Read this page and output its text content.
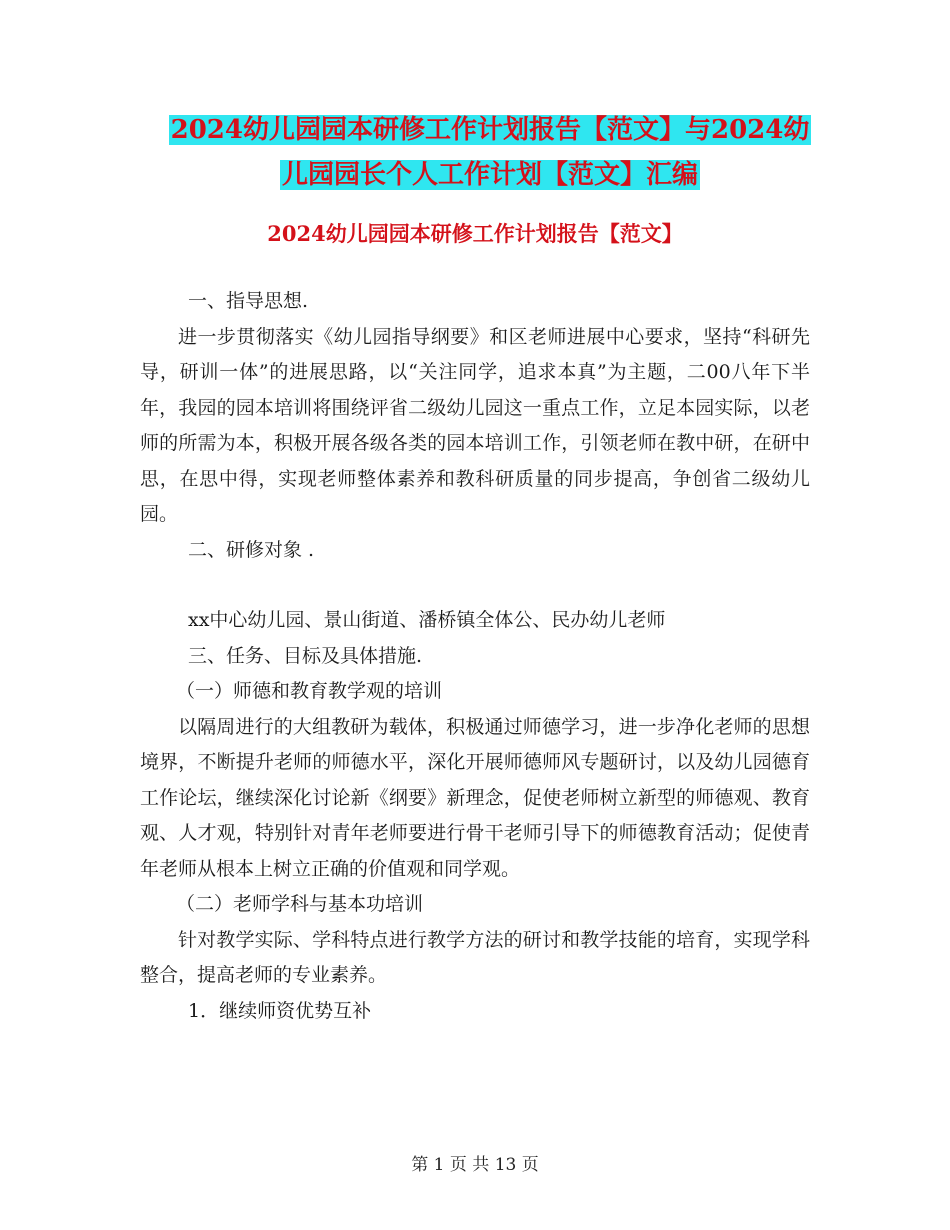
2024幼儿园园本研修工作计划报告【范文】与2024幼
儿园园长个人工作计划【范文】汇编
2024幼儿园园本研修工作计划报告【范文】

一、指导思想.

进一步贯彻落实《幼儿园指导纲要》和区老师进展中心要求，坚持“科研先导，研训一体”的进展思路，以“关注同学，追求本真”为主题，二00八年下半年，我园的园本培训将围绕评省二级幼儿园这一重点工作，立足本园实际，以老师的所需为本，积极开展各级各类的园本培训工作，引领老师在教中研，在研中思，在思中得，实现老师整体素养和教科研质量的同步提高，争创省二级幼儿园。

二、研修对象 .

xx中心幼儿园、景山街道、潘桥镇全体公、民办幼儿老师

三、任务、目标及具体措施.

（一）师德和教育教学观的培训

以隔周进行的大组教研为载体，积极通过师德学习，进一步净化老师的思想境界，不断提升老师的师德水平，深化开展师德师风专题研讨，以及幼儿园德育工作论坛，继续深化讨论新《纲要》新理念，促使老师树立新型的师德观、教育观、人才观，特别针对青年老师要进行骨干老师引导下的师德教育活动；促使青年老师从根本上树立正确的价值观和同学观。

（二）老师学科与基本功培训

针对教学实际、学科特点进行教学方法的研讨和教学技能的培育，实现学科整合，提高老师的专业素养。

1．继续师资优势互补

第 1 页 共 13 页
